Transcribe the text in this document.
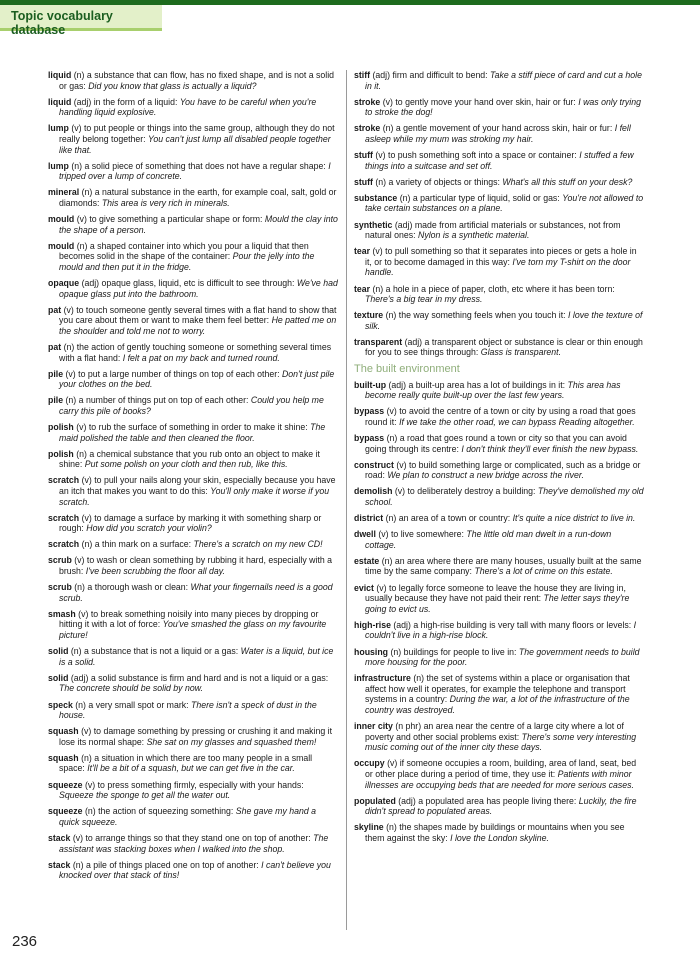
Topic vocabulary database

liquid (n) a substance that can flow, has no fixed shape, and is not a solid or gas: Did you know that glass is actually a liquid?

liquid (adj) in the form of a liquid: You have to be careful when you're handling liquid explosive.

lump (v) to put people or things into the same group, although they do not really belong together: You can't just lump all disabled people together like that.

lump (n) a solid piece of something that does not have a regular shape: I tripped over a lump of concrete.

mineral (n) a natural substance in the earth, for example coal, salt, gold or diamonds: This area is very rich in minerals.

mould (v) to give something a particular shape or form: Mould the clay into the shape of a person.

mould (n) a shaped container into which you pour a liquid that then becomes solid in the shape of the container: Pour the jelly into the mould and then put it in the fridge.

opaque (adj) opaque glass, liquid, etc is difficult to see through: We've had opaque glass put into the bathroom.

pat (v) to touch someone gently several times with a flat hand to show that you care about them or want to make them feel better: He patted me on the shoulder and told me not to worry.

pat (n) the action of gently touching someone or something several times with a flat hand: I felt a pat on my back and turned round.

pile (v) to put a large number of things on top of each other: Don't just pile your clothes on the bed.

pile (n) a number of things put on top of each other: Could you help me carry this pile of books?

polish (v) to rub the surface of something in order to make it shine: The maid polished the table and then cleaned the floor.

polish (n) a chemical substance that you rub onto an object to make it shine: Put some polish on your cloth and then rub, like this.

scratch (v) to pull your nails along your skin, especially because you have an itch that makes you want to do this: You'll only make it worse if you scratch.

scratch (v) to damage a surface by marking it with something sharp or rough: How did you scratch your violin?

scratch (n) a thin mark on a surface: There's a scratch on my new CD!

scrub (v) to wash or clean something by rubbing it hard, especially with a brush: I've been scrubbing the floor all day.

scrub (n) a thorough wash or clean: What your fingernails need is a good scrub.

smash (v) to break something noisily into many pieces by dropping or hitting it with a lot of force: You've smashed the glass on my favourite picture!

solid (n) a substance that is not a liquid or a gas: Water is a liquid, but ice is a solid.

solid (adj) a solid substance is firm and hard and is not a liquid or a gas: The concrete should be solid by now.

speck (n) a very small spot or mark: There isn't a speck of dust in the house.

squash (v) to damage something by pressing or crushing it and making it lose its normal shape: She sat on my glasses and squashed them!

squash (n) a situation in which there are too many people in a small space: It'll be a bit of a squash, but we can get five in the car.

squeeze (v) to press something firmly, especially with your hands: Squeeze the sponge to get all the water out.

squeeze (n) the action of squeezing something: She gave my hand a quick squeeze.

stack (v) to arrange things so that they stand one on top of another: The assistant was stacking boxes when I walked into the shop.

stack (n) a pile of things placed one on top of another: I can't believe you knocked over that stack of tins!

stiff (adj) firm and difficult to bend: Take a stiff piece of card and cut a hole in it.

stroke (v) to gently move your hand over skin, hair or fur: I was only trying to stroke the dog!

stroke (n) a gentle movement of your hand across skin, hair or fur: I fell asleep while my mum was stroking my hair.

stuff (v) to push something soft into a space or container: I stuffed a few things into a suitcase and set off.

stuff (n) a variety of objects or things: What's all this stuff on your desk?

substance (n) a particular type of liquid, solid or gas: You're not allowed to take certain substances on a plane.

synthetic (adj) made from artificial materials or substances, not from natural ones: Nylon is a synthetic material.

tear (v) to pull something so that it separates into pieces or gets a hole in it, or to become damaged in this way: I've torn my T-shirt on the door handle.

tear (n) a hole in a piece of paper, cloth, etc where it has been torn: There's a big tear in my dress.

texture (n) the way something feels when you touch it: I love the texture of silk.

transparent (adj) a transparent object or substance is clear or thin enough for you to see things through: Glass is transparent.

The built environment

built-up (adj) a built-up area has a lot of buildings in it: This area has become really quite built-up over the last few years.

bypass (v) to avoid the centre of a town or city by using a road that goes round it: If we take the other road, we can bypass Reading altogether.

bypass (n) a road that goes round a town or city so that you can avoid going through its centre: I don't think they'll ever finish the new bypass.

construct (v) to build something large or complicated, such as a bridge or road: We plan to construct a new bridge across the river.

demolish (v) to deliberately destroy a building: They've demolished my old school.

district (n) an area of a town or country: It's quite a nice district to live in.

dwell (v) to live somewhere: The little old man dwelt in a run-down cottage.

estate (n) an area where there are many houses, usually built at the same time by the same company: There's a lot of crime on this estate.

evict (v) to legally force someone to leave the house they are living in, usually because they have not paid their rent: The letter says they're going to evict us.

high-rise (adj) a high-rise building is very tall with many floors or levels: I couldn't live in a high-rise block.

housing (n) buildings for people to live in: The government needs to build more housing for the poor.

infrastructure (n) the set of systems within a place or organisation that affect how well it operates, for example the telephone and transport systems in a country: During the war, a lot of the infrastructure of the country was destroyed.

inner city (n phr) an area near the centre of a large city where a lot of poverty and other social problems exist: There's some very interesting music coming out of the inner city these days.

occupy (v) if someone occupies a room, building, area of land, seat, bed or other place during a period of time, they use it: Patients with minor illnesses are occupying beds that are needed for more serious cases.

populated (adj) a populated area has people living there: Luckily, the fire didn't spread to populated areas.

skyline (n) the shapes made by buildings or mountains when you see them against the sky: I love the London skyline.

236
